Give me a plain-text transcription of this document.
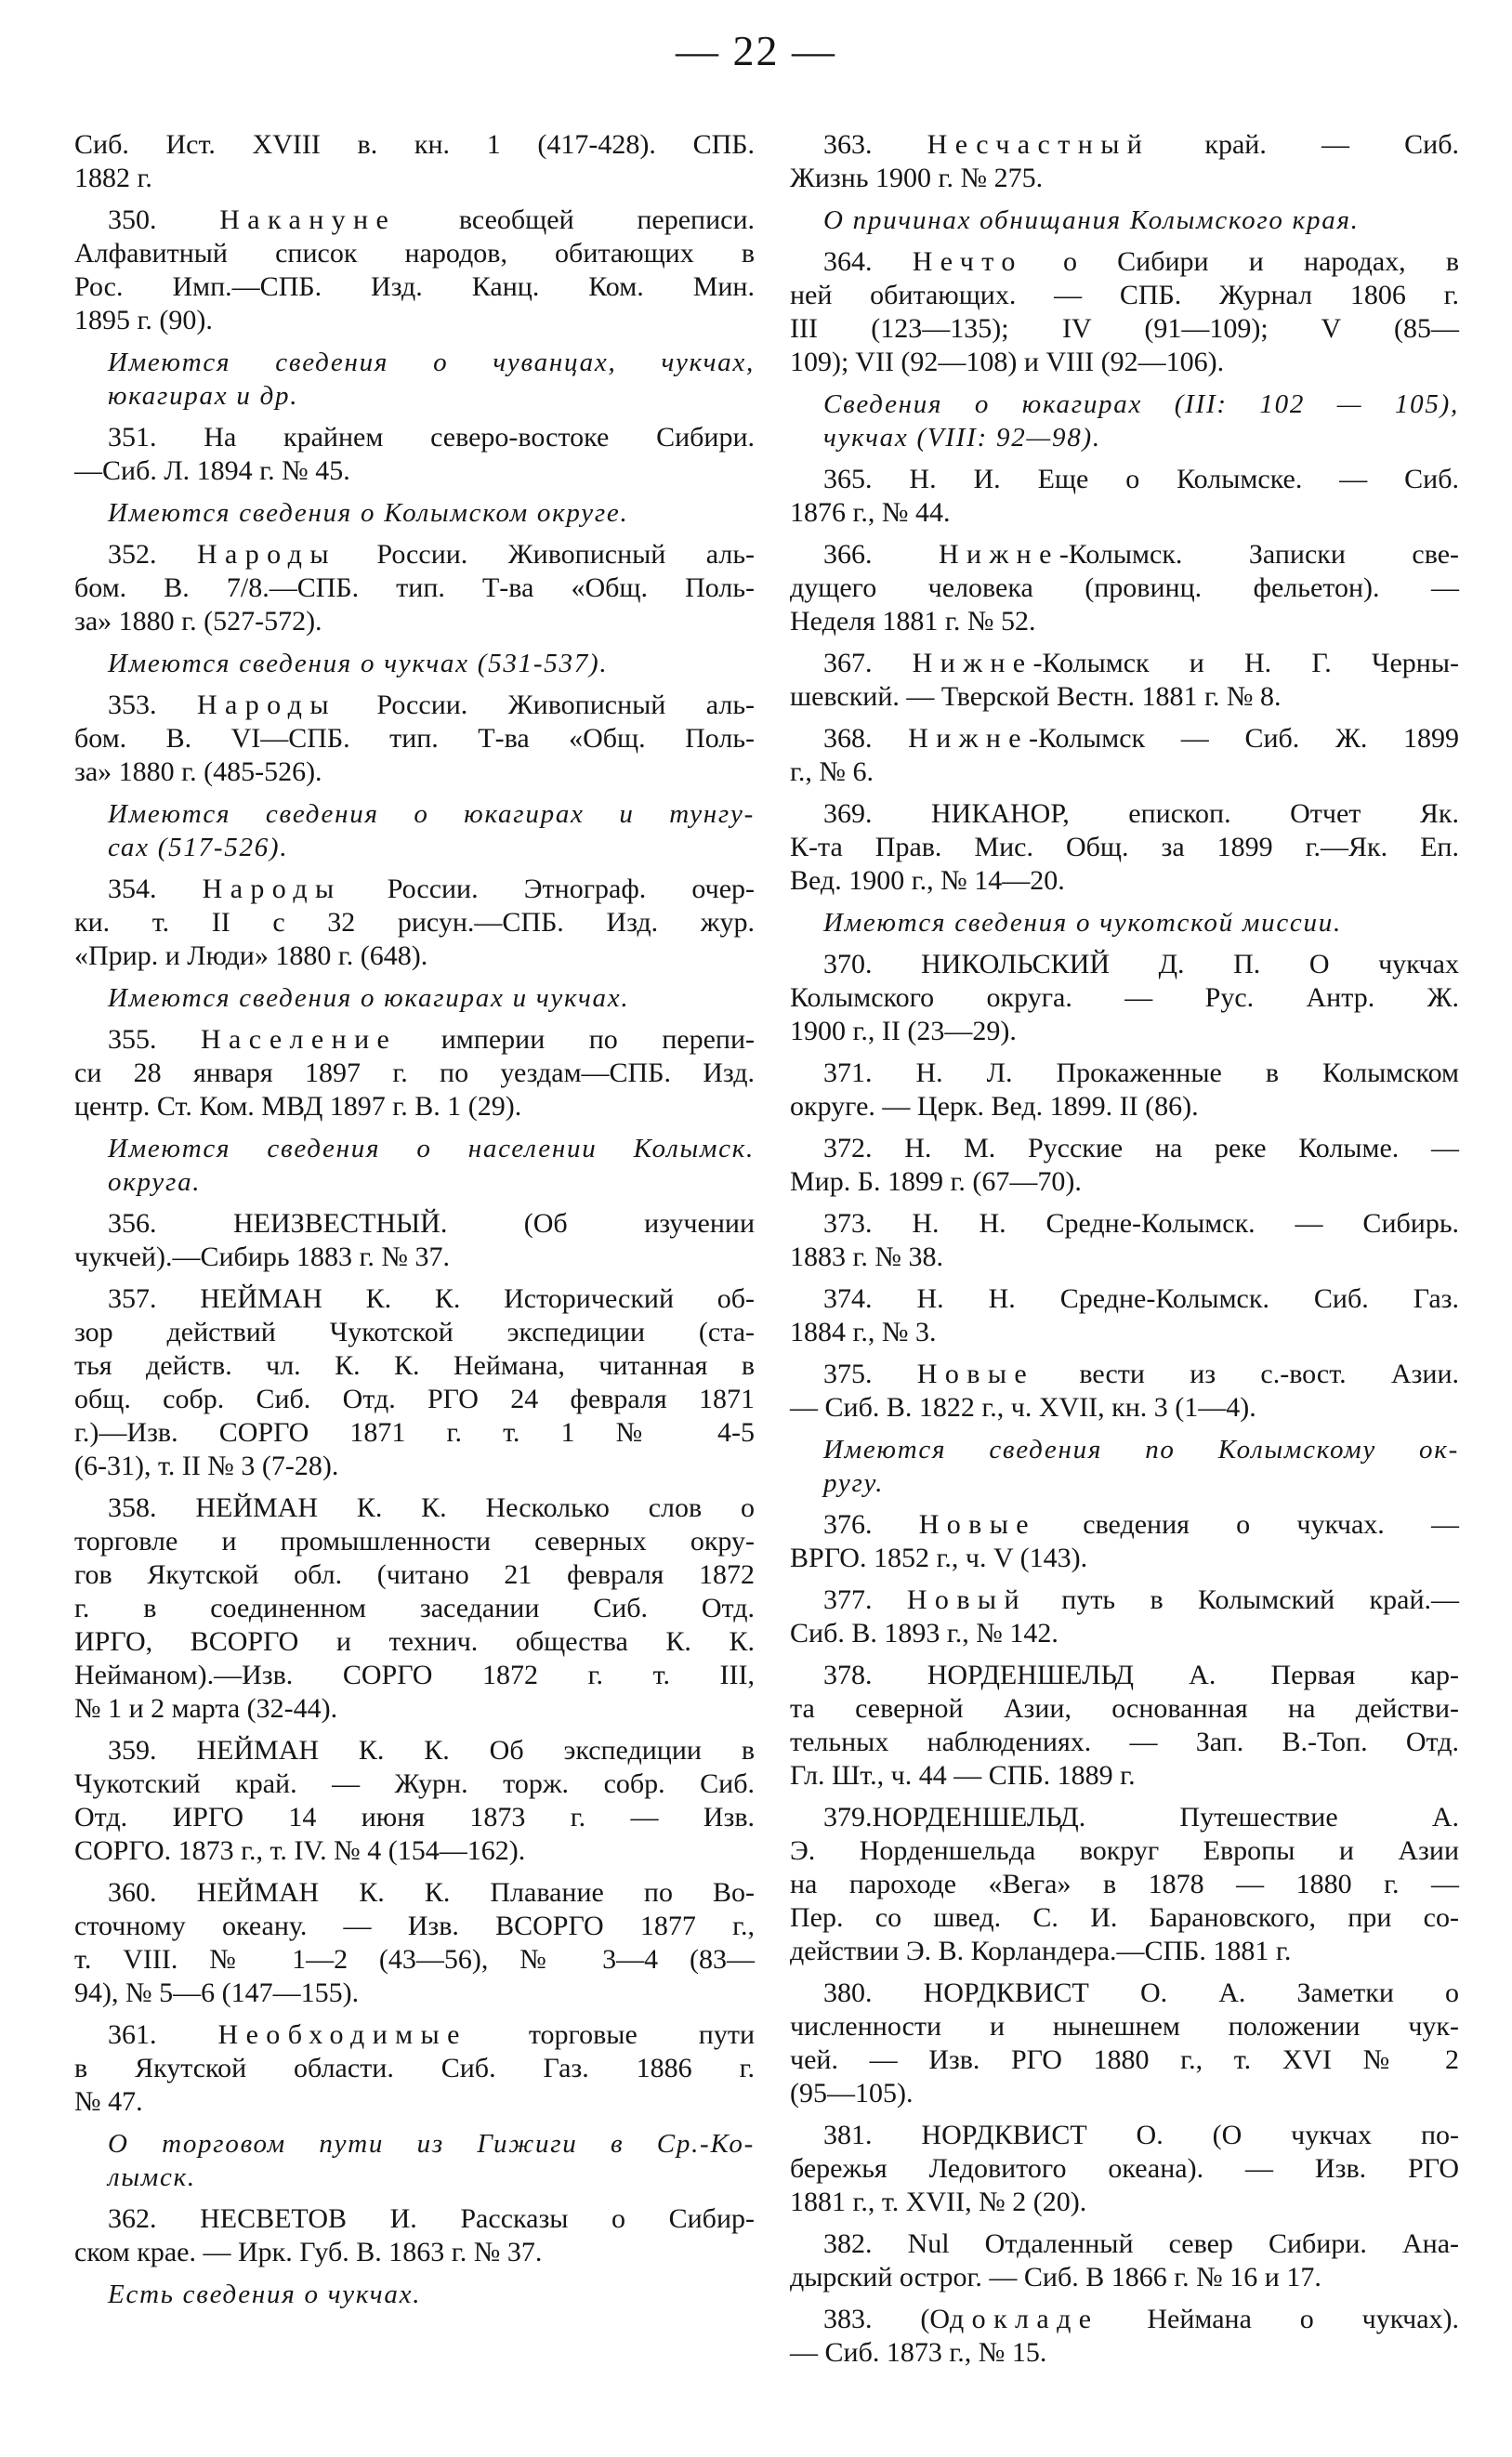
— 22 —
Сиб. Ист. XVIII в. кн. 1 (417-428). СПБ.
1882 г.
350. Накануне всеобщей переписи.
Алфавитный список народов, обитающих в
Рос. Имп.—СПБ. Изд. Канц. Ком. Мин.
1895 г. (90).
Имеются сведения о чуванцах, чукчах,
юкагирах и др.
351. На крайнем северо-востоке Сибири.
—Сиб. Л. 1894 г. № 45.
Имеются сведения о Колымском округе.
352. Народы России. Живописный аль-
бом. В. 7/8.—СПБ. тип. Т-ва «Общ. Поль-
за» 1880 г. (527-572).
Имеются сведения о чукчах (531-537).
353. Народы России. Живописный аль-
бом. В. VI—СПБ. тип. Т-ва «Общ. Поль-
за» 1880 г. (485-526).
Имеются сведения о юкагирах и тунгу-
сах (517-526).
354. Народы России. Этнограф. очер-
ки. т. II с 32 рисун.—СПБ. Изд. жур.
«Прир. и Люди» 1880 г. (648).
Имеются сведения о юкагирах и чукчах.
355. Население империи по перепи-
си 28 января 1897 г. по уездам—СПБ. Изд.
центр. Ст. Ком. МВД 1897 г. В. 1 (29).
Имеются сведения о населении Колымск.
округа.
356.	НЕИЗВЕСТНЫЙ. (Об изучении
чукчей).—Сибирь 1883 г. № 37.
357. НЕЙМАН К. К. Исторический об-
зор действий Чукотской экспедиции (ста-
тья действ. чл. К. К. Неймана, читанная в
общ. собр. Сиб. Отд. РГО 24 февраля 1871
г.)—Изв. СОРГО 1871 г. т. 1 № 4-5
(6-31), т. II № 3 (7-28).
358. НЕЙМАН К. К. Несколько слов о
торговле и промышленности северных окру-
гов Якутской обл. (читано 21 февраля 1872
г. в соединенном заседании Сиб. Отд.
ИРГО, ВСОРГО и технич. общества К. К.
Нейманом).—Изв. СОРГО 1872 г. т. III,
№ 1 и 2 марта (32-44).
359. НЕЙМАН К. К. Об экспедиции в
Чукотский край. — Журн. торж. собр. Сиб.
Отд. ИРГО 14 июня 1873 г. — Изв.
СОРГО. 1873 г., т. IV. № 4 (154—162).
360. НЕЙМАН К. К. Плавание по Во-
сточному океану. — Изв. ВСОРГО 1877 г.,
т. VIII. № 1—2 (43—56), № 3—4 (83—
94), № 5—6 (147—155).
361. Необходимые торговые пути
в Якутской области. Сиб. Газ. 1886 г.
№ 47.
О торговом пути из Гижиги в Ср.-Ко-
лымск.
362. НЕСВЕТОВ И. Рассказы о Сибир-
ском крае. — Ирк. Губ. В. 1863 г. № 37.
Есть сведения о чукчах.
363. Несчастный край. — Сиб.
Жизнь 1900 г. № 275.
О причинах обнищания Колымского края.
364. Нечто о Сибири и народах, в
ней обитающих. — СПБ. Журнал 1806 г.
III (123—135); IV (91—109); V (85—
109); VII (92—108) и VIII (92—106).
Сведения о юкагирах (III: 102 — 105),
чукчах (VIII: 92—98).
365. Н. И. Еще о Колымске. — Сиб.
1876 г., № 44.
366. Нижне-Колымск. Записки све-
дущего человека (провинц. фельетон). —
Неделя 1881 г. № 52.
367. Нижне-Колымск и Н. Г. Черны-
шевский. — Тверской Вестн. 1881 г. № 8.
368. Нижне-Колымск — Сиб. Ж. 1899
г., № 6.
369. НИКАНОР, епископ. Отчет Як.
К-та Прав. Мис. Общ. за 1899 г.—Як. Еп.
Вед. 1900 г., № 14—20.
Имеются сведения о чукотской миссии.
370. НИКОЛЬСКИЙ Д. П. О чукчах
Колымского округа. — Рус. Антр. Ж.
1900 г., II (23—29).
371. Н. Л. Прокаженные в Колымском
округе. — Церк. Вед. 1899. II (86).
372. Н. М. Русские на реке Колыме. —
Мир. Б. 1899 г. (67—70).
373. Н. Н. Средне-Колымск. — Сибирь.
1883 г. № 38.
374. Н. Н. Средне-Колымск. Сиб. Газ.
1884 г., № 3.
375. Новые вести из с.-вост. Азии.
— Сиб. В. 1822 г., ч. XVII, кн. 3 (1—4).
Имеются сведения по Колымскому ок-
ругу.
376. Новые сведения о чукчах. —
ВРГО. 1852 г., ч. V (143).
377. Новый путь в Колымский край.—
Сиб. В. 1893 г., № 142.
378. НОРДЕНШЕЛЬД А. Первая кар-
та северной Азии, основанная на действи-
тельных наблюдениях. — Зап. В.-Топ. Отд.
Гл. Шт., ч. 44 — СПБ. 1889 г.
379.НОРДЕНШЕЛЬД. Путешествие А.
Э. Норденшельда вокруг Европы и Азии
на пароходе «Вега» в 1878 — 1880 г. —
Пер. со швед. С. И. Барановского, при со-
действии Э. В. Корландера.—СПБ. 1881 г.
380. НОРДКВИСТ О. А. Заметки о
численности и нынешнем положении чук-
чей. — Изв. РГО 1880 г., т. XVI № 2
(95—105).
381. НОРДКВИСТ О. (О чукчах по-
бережья Ледовитого океана). — Изв. РГО
1881 г., т. XVII, № 2 (20).
382. Nul Отдаленный север Сибири. Ана-
дырский острог. — Сиб. В 1866 г. № 16 и 17.
383. (Одокладе Неймана о чукчах).
— Сиб. 1873 г., № 15.
